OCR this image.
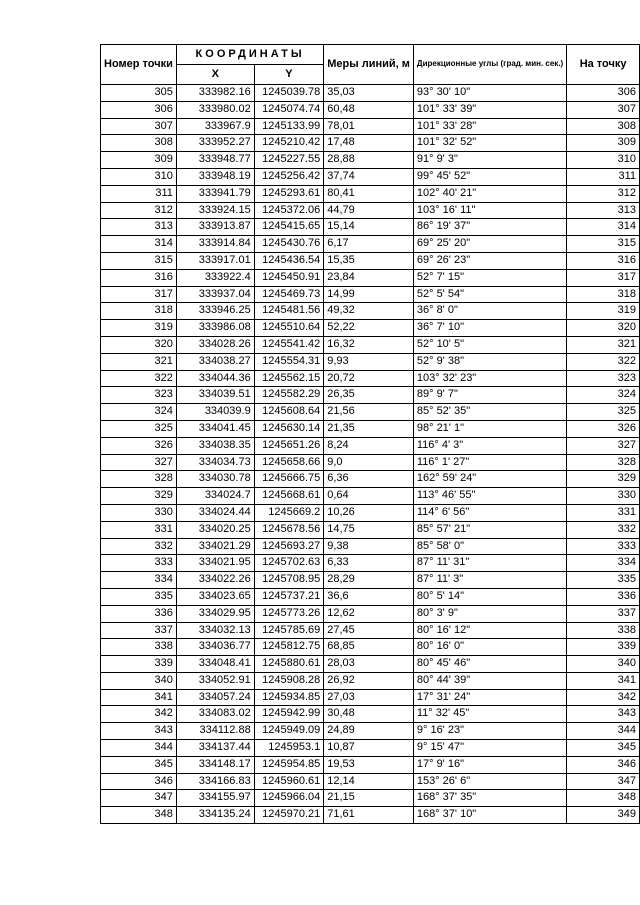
Номер точки	КООРДИНАТЫ		Меры линий, м	Дирекционные углы (град. мин. сек.)	На точку
	X	Y			
305	333982.16	1245039.78	35,03	93° 30' 10"	306
306	333980.02	1245074.74	60,48	101° 33' 39"	307
307	333967.9	1245133.99	78,01	101° 33' 28"	308
308	333952.27	1245210.42	17,48	101° 32' 52"	309
309	333948.77	1245227.55	28,88	91° 9' 3"	310
310	333948.19	1245256.42	37,74	99° 45' 52"	311
311	333941.79	1245293.61	80,41	102° 40' 21"	312
312	333924.15	1245372.06	44,79	103° 16' 11"	313
313	333913.87	1245415.65	15,14	86° 19' 37"	314
314	333914.84	1245430.76	6,17	69° 25' 20"	315
315	333917.01	1245436.54	15,35	69° 26' 23"	316
316	333922.4	1245450.91	23,84	52° 7' 15"	317
317	333937.04	1245469.73	14,99	52° 5' 54"	318
318	333946.25	1245481.56	49,32	36° 8' 0"	319
319	333986.08	1245510.64	52,22	36° 7' 10"	320
320	334028.26	1245541.42	16,32	52° 10' 5"	321
321	334038.27	1245554.31	9,93	52° 9' 38"	322
322	334044.36	1245562.15	20,72	103° 32' 23"	323
323	334039.51	1245582.29	26,35	89° 9' 7"	324
324	334039.9	1245608.64	21,56	85° 52' 35"	325
325	334041.45	1245630.14	21,35	98° 21' 1"	326
326	334038.35	1245651.26	8,24	116° 4' 3"	327
327	334034.73	1245658.66	9,0	116° 1' 27"	328
328	334030.78	1245666.75	6,36	162° 59' 24"	329
329	334024.7	1245668.61	0,64	113° 46' 55"	330
330	334024.44	1245669.2	10,26	114° 6' 56"	331
331	334020.25	1245678.56	14,75	85° 57' 21"	332
332	334021.29	1245693.27	9,38	85° 58' 0"	333
333	334021.95	1245702.63	6,33	87° 11' 31"	334
334	334022.26	1245708.95	28,29	87° 11' 3"	335
335	334023.65	1245737.21	36,6	80° 5' 14"	336
336	334029.95	1245773.26	12,62	80° 3' 9"	337
337	334032.13	1245785.69	27,45	80° 16' 12"	338
338	334036.77	1245812.75	68,85	80° 16' 0"	339
339	334048.41	1245880.61	28,03	80° 45' 46"	340
340	334052.91	1245908.28	26,92	80° 44' 39"	341
341	334057.24	1245934.85	27,03	17° 31' 24"	342
342	334083.02	1245942.99	30,48	11° 32' 45"	343
343	334112.88	1245949.09	24,89	9° 16' 23"	344
344	334137.44	1245953.1	10,87	9° 15' 47"	345
345	334148.17	1245954.85	19,53	17° 9' 16"	346
346	334166.83	1245960.61	12,14	153° 26' 6"	347
347	334155.97	1245966.04	21,15	168° 37' 35"	348
348	334135.24	1245970.21	71,61	168° 37' 10"	349
